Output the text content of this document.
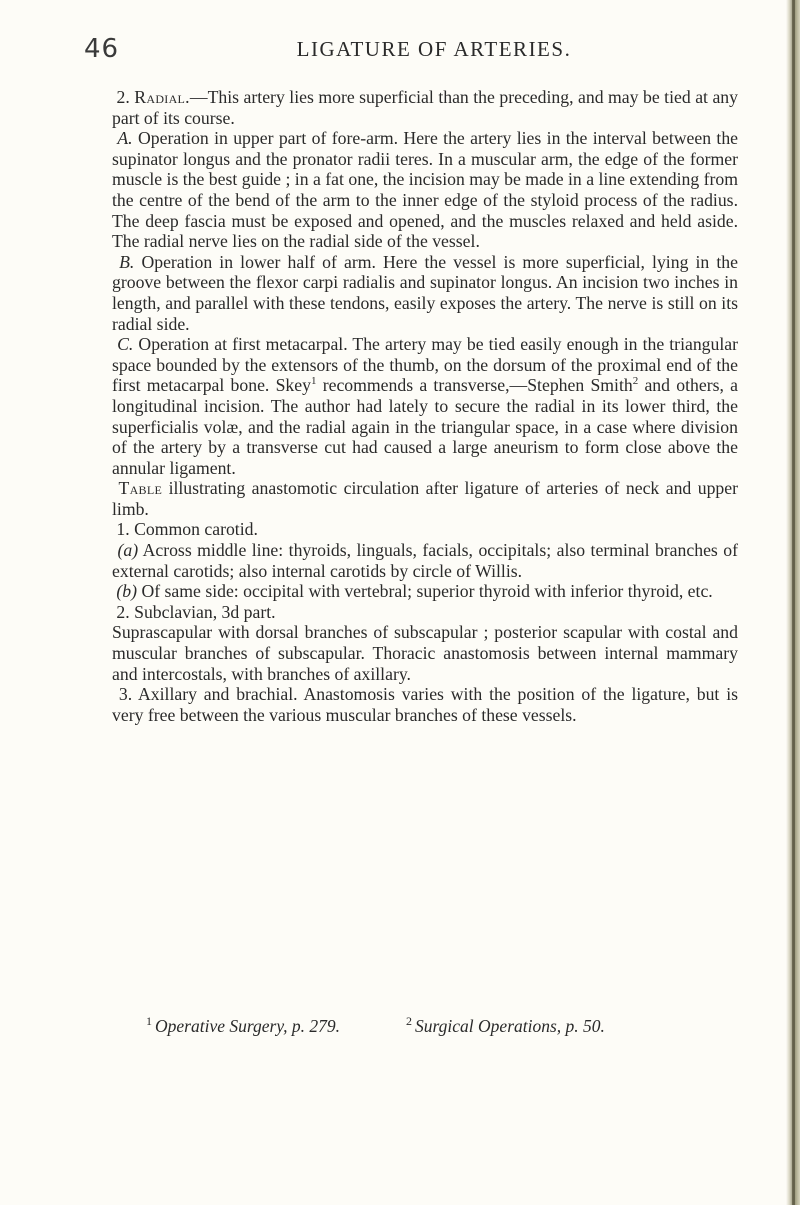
46	LIGATURE OF ARTERIES.

2. Radial.—This artery lies more superficial than the preceding, and may be tied at any part of its course.

A. Operation in upper part of fore-arm. Here the artery lies in the interval between the supinator longus and the pronator radii teres. In a muscular arm, the edge of the former muscle is the best guide ; in a fat one, the incision may be made in a line extending from the centre of the bend of the arm to the inner edge of the styloid process of the radius. The deep fascia must be exposed and opened, and the muscles relaxed and held aside. The radial nerve lies on the radial side of the vessel.

B. Operation in lower half of arm. Here the vessel is more superficial, lying in the groove between the flexor carpi radialis and supinator longus. An incision two inches in length, and parallel with these tendons, easily exposes the artery. The nerve is still on its radial side.

C. Operation at first metacarpal. The artery may be tied easily enough in the triangular space bounded by the extensors of the thumb, on the dorsum of the proximal end of the first metacarpal bone. Skey$^1$ recommends a transverse,—Stephen Smith$^2$ and others, a longitudinal incision. The author had lately to secure the radial in its lower third, the superficialis volæ, and the radial again in the triangular space, in a case where division of the artery by a transverse cut had caused a large aneurism to form close above the annular ligament.

Table illustrating anastomotic circulation after ligature of arteries of neck and upper limb.

1. Common carotid.

(a) Across middle line: thyroids, linguals, facials, occipitals; also terminal branches of external carotids; also internal carotids by circle of Willis.

(b) Of same side: occipital with vertebral; superior thyroid with inferior thyroid, etc.

2. Subclavian, 3d part.

Suprascapular with dorsal branches of subscapular ; posterior scapular with costal and muscular branches of subscapular. Thoracic anastomosis between internal mammary and intercostals, with branches of axillary.

3. Axillary and brachial. Anastomosis varies with the position of the ligature, but is very free between the various muscular branches of these vessels.

$^1$ Operative Surgery, p. 279.	$^2$ Surgical Operations, p. 50.
